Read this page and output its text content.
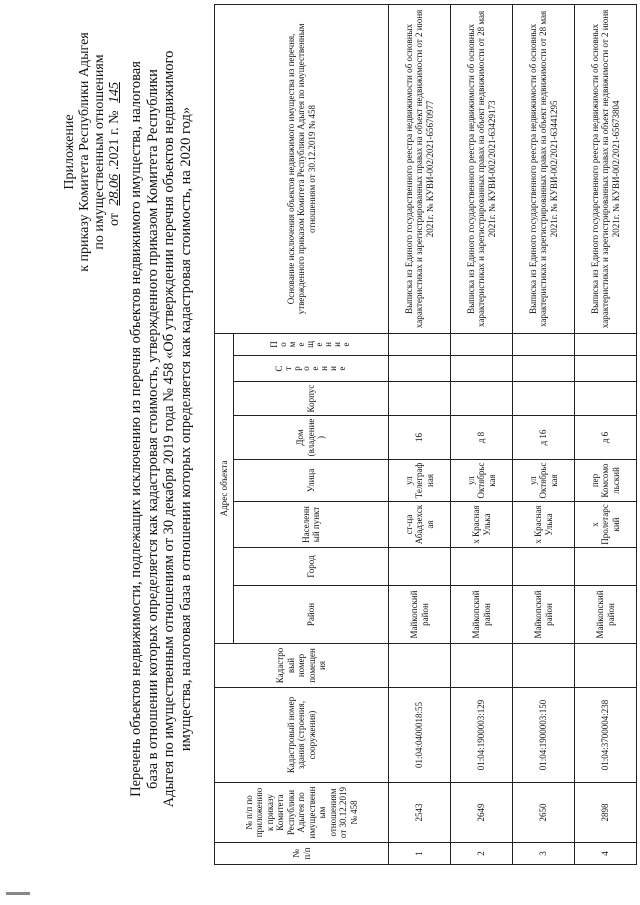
Приложение к приказу Комитета Республики Адыгея по имущественным отношениям от 28.06.2021 г. № 145 Перечень объектов недвижимости, подлежащих исключению из перечня объектов недвижимого имущества, налоговая база в отношении которых определяется как кадастровая стоимость, утвержденного приказом Комитета Республики Адыгея по имущественным отношениям от 30 декабря 2019 года № 458 «Об утверждении перечня объектов недвижимого имущества, налоговая база в отношении которых определяется как кадастровая стоимость, на 2020 год»
№ п/п	№ п/п по приложению к приказу Комитета Республики Адыгея по имущественным отношениям от 30.12.2019 № 458	Кадастровый номер здания (строения, сооружения)	Кадастровый номер помещения	Адрес объекта								Основание исключения объектов недвижимого имущества из перечня, утвержденного приказом Комитета Республики Адыгея по имущественным отношениям от 30.12.2019 № 458
				Район	Город	Населенный пункт	Улица	Дом (владение)	Корпус	Строение	Помещение	
1	2543	01:04:0400018:55		Майкопский район		ст-ца Абадзехская	ул Телеграфная	16				Выписка из Единого государственного реестра недвижимости об основных характеристиках и зарегистрированных правах на объект недвижимости от 2 июня 2021г. № КУВИ-002/2021-65670977
2	2649	01:04:1900003:129		Майкопский район		х Красная Улька	ул Октябрьская	д 8				Выписка из Единого государственного реестра недвижимости об основных характеристиках и зарегистрированных правах на объект недвижимости от 28 мая 2021г. № КУВИ-002/2021-63429173
3	2650	01:04:1900003:150		Майкопский район		х Красная Улька	ул Октябрьская	д 16				Выписка из Единого государственного реестра недвижимости об основных характеристиках и зарегистрированных правах на объект недвижимости от 28 мая 2021г. № КУВИ-002/2021-63441295
4	2898	01:04:3700004:238		Майкопский район		х Пролетарский	пер Комсомольский	д 6				Выписка из Единого государственного реестра недвижимости об основных характеристиках и зарегистрированных правах на объект недвижимости от 2 июня 2021г. № КУВИ-002/2021-65673804
